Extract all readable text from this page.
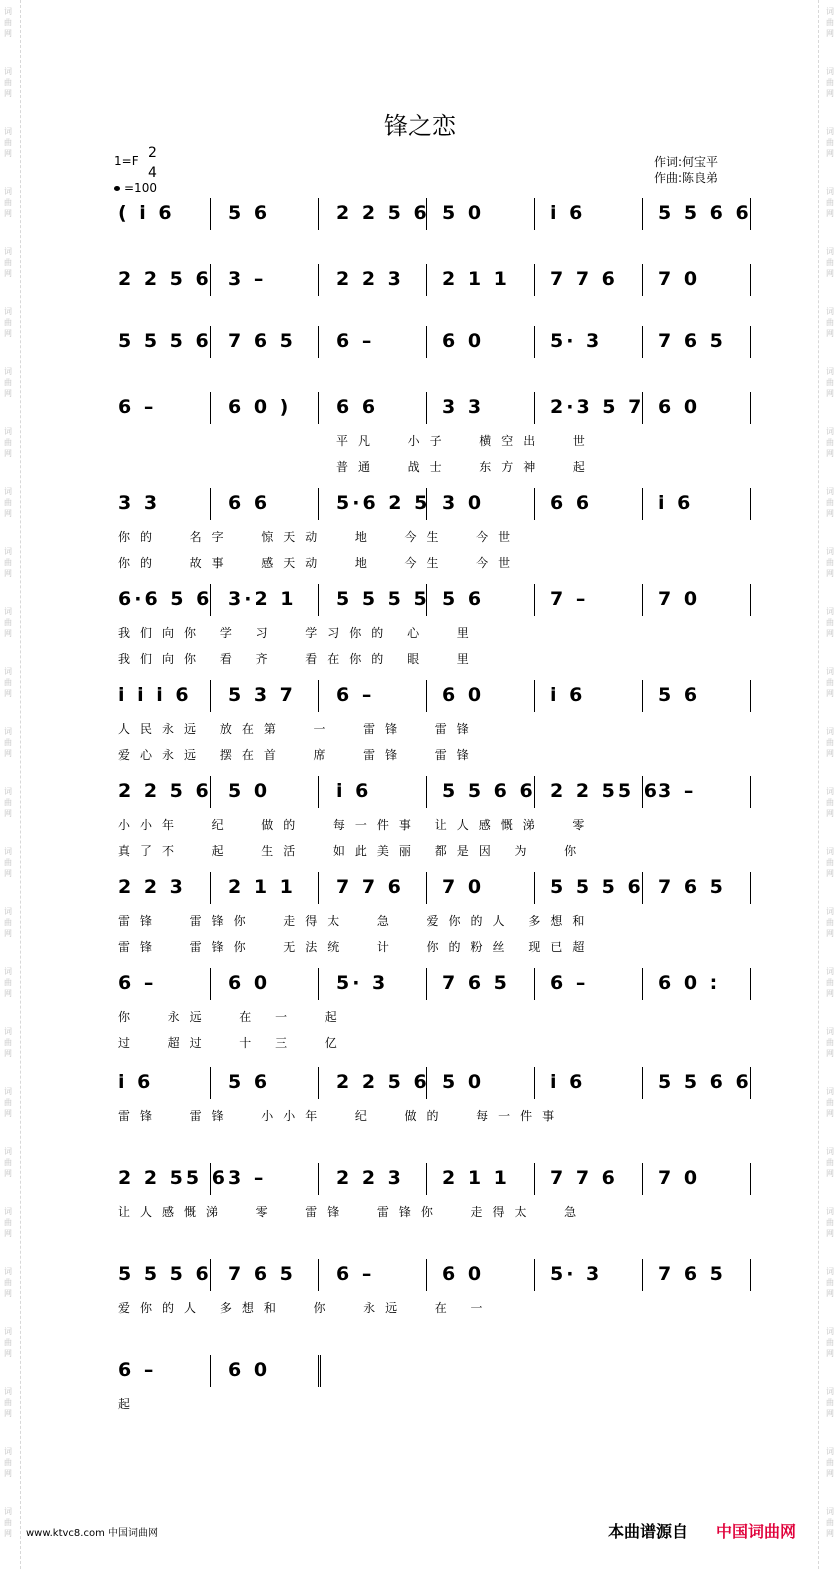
词
曲
网
词
曲
网
词
曲
网
词
曲
网
词
曲
网
词
曲
网
词
曲
网
词
曲
网
词
曲
网
词
曲
网
词
曲
网
词
曲
网
词
曲
网
词
曲
网
词
曲
网
词
曲
网
词
曲
网
词
曲
网
词
曲
网
词
曲
网
词
曲
网
词
曲
网
词
曲
网
词
曲
网
词
曲
网
词
曲
网
词
曲
网
词
曲
网
词
曲
网
词
曲
网
词
曲
网
词
曲
网
词
曲
网
词
曲
网
词
曲
网
词
曲
网
词
曲
网
词
曲
网
词
曲
网
词
曲
网
词
曲
网
词
曲
网
词
曲
网
词
曲
网
词
曲
网
词
曲
网
词
曲
网
词
曲
网
词
曲
网
词
曲
网
词
曲
网
词
曲
网
锋之恋
1=F 2
4
=100
作词:何宝平
作曲:陈良弟
( i 6	5 6	2 2 5 6 5 0	i 6	5 5 6 6
2 2 5 6 3 –	2 2 3 2 1 1 7 7 6 7 0
5 5 5 6 7 6 5 6 –	6 0	5· 3	7 6 5
6 –	6 0 ) 6 6	3 3	2·3 5 7 6 0
平凡  小子  横空出  世
普通  战士  东方神  起
3 3	6 6	5·6 2 5 3 0	6 6	i 6
你的  名字  惊天动  地  今生  今世
你的  故事  感天动  地  今生  今世
6·6 5 6 3·2 1 5 5 5 5 5 6	7 –	7 0
我们向你 学 习  学习你的 心  里
我们向你 看 齐  看在你的 眼  里
i i i 6 5 3 7 6 –	6 0	i 6	5 6
人民永远 放在第  一  雷锋  雷锋
爱心永远 摆在首  席  雷锋  雷锋
2 2 5 6 5 0	i 6	5 5 6 6 2 2 55 6
3 –
小小年  纪  做的  每一件事 让人感慨涕  零
真了不  起  生活  如此美丽 都是因 为  你
2 2 3 2 1 1 7 7 6 7 0	5 5 5 6 7 6 5
雷锋  雷锋你  走得太  急  爱你的人 多想和
雷锋  雷锋你  无法统  计  你的粉丝 现已超
6 –	6 0	5· 3	7 6 5 6 –	6 0 :
你  永远  在 一  起
过  超过  十 三  亿
i 6	5 6	2 2 5 6 5 0	i 6	5 5 6 6
雷锋  雷锋  小小年  纪  做的  每一件事
2 2 55 6 3 –	2 2 3 2 1 1 7 7 6 7 0
让人感慨涕  零  雷锋  雷锋你  走得太  急
5 5 5 6 7 6 5 6 –	6 0	5· 3	7 6 5
爱你的人 多想和  你  永远  在 一
6 –	6 0
起
www.ktvc8.com 中国词曲网	本曲谱源自 中国词曲网
